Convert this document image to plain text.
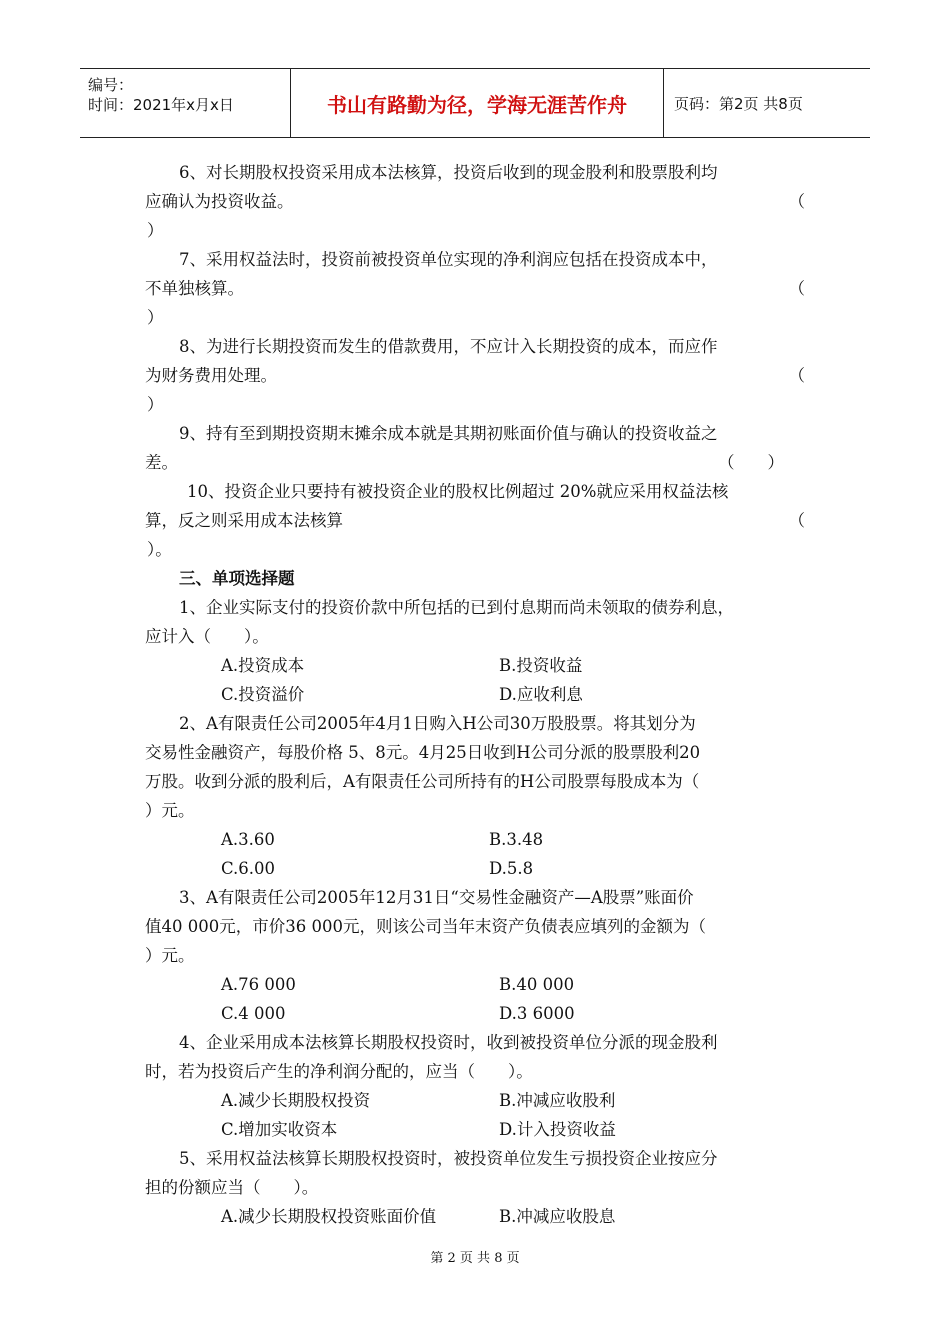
编号：
时间：2021年x月x日	书山有路勤为径，学海无涯苦作舟	页码：第2页 共8页
6、对长期股权投资采用成本法核算，投资后收到的现金股利和股票股利均
应确认为投资收益。	（
）
7、采用权益法时，投资前被投资单位实现的净利润应包括在投资成本中，
不单独核算。	（
）
8、为进行长期投资而发生的借款费用，不应计入长期投资的成本，而应作
为财务费用处理。	（
）
9、持有至到期投资期末摊余成本就是其期初账面价值与确认的投资收益之
差。	（　　）
10、投资企业只要持有被投资企业的股权比例超过 20%就应采用权益法核
算，反之则采用成本法核算	（
）。
三、单项选择题
1、企业实际支付的投资价款中所包括的已到付息期而尚未领取的债券利息，
应计入（　　）。
A.投资成本	B.投资收益
C.投资溢价	D.应收利息
2、A有限责任公司2005年4月1日购入H公司30万股股票。将其划分为
交易性金融资产，每股价格 5、8元。4月25日收到H公司分派的股票股利20
万股。收到分派的股利后，A有限责任公司所持有的H公司股票每股成本为（
）元。
A.3.60	B.3.48
C.6.00	D.5.8
3、A有限责任公司2005年12月31日“交易性金融资产—A股票”账面价
值40 000元，市价36 000元，则该公司当年末资产负债表应填列的金额为（
）元。
A.76 000	B.40 000
C.4 000	D.3 6000
4、企业采用成本法核算长期股权投资时，收到被投资单位分派的现金股利
时，若为投资后产生的净利润分配的，应当（　　）。
A.减少长期股权投资	B.冲减应收股利
C.增加实收资本	D.计入投资收益
5、采用权益法核算长期股权投资时，被投资单位发生亏损投资企业按应分
担的份额应当（　　）。
A.减少长期股权投资账面价值	B.冲减应收股息
第 2 页 共 8 页
